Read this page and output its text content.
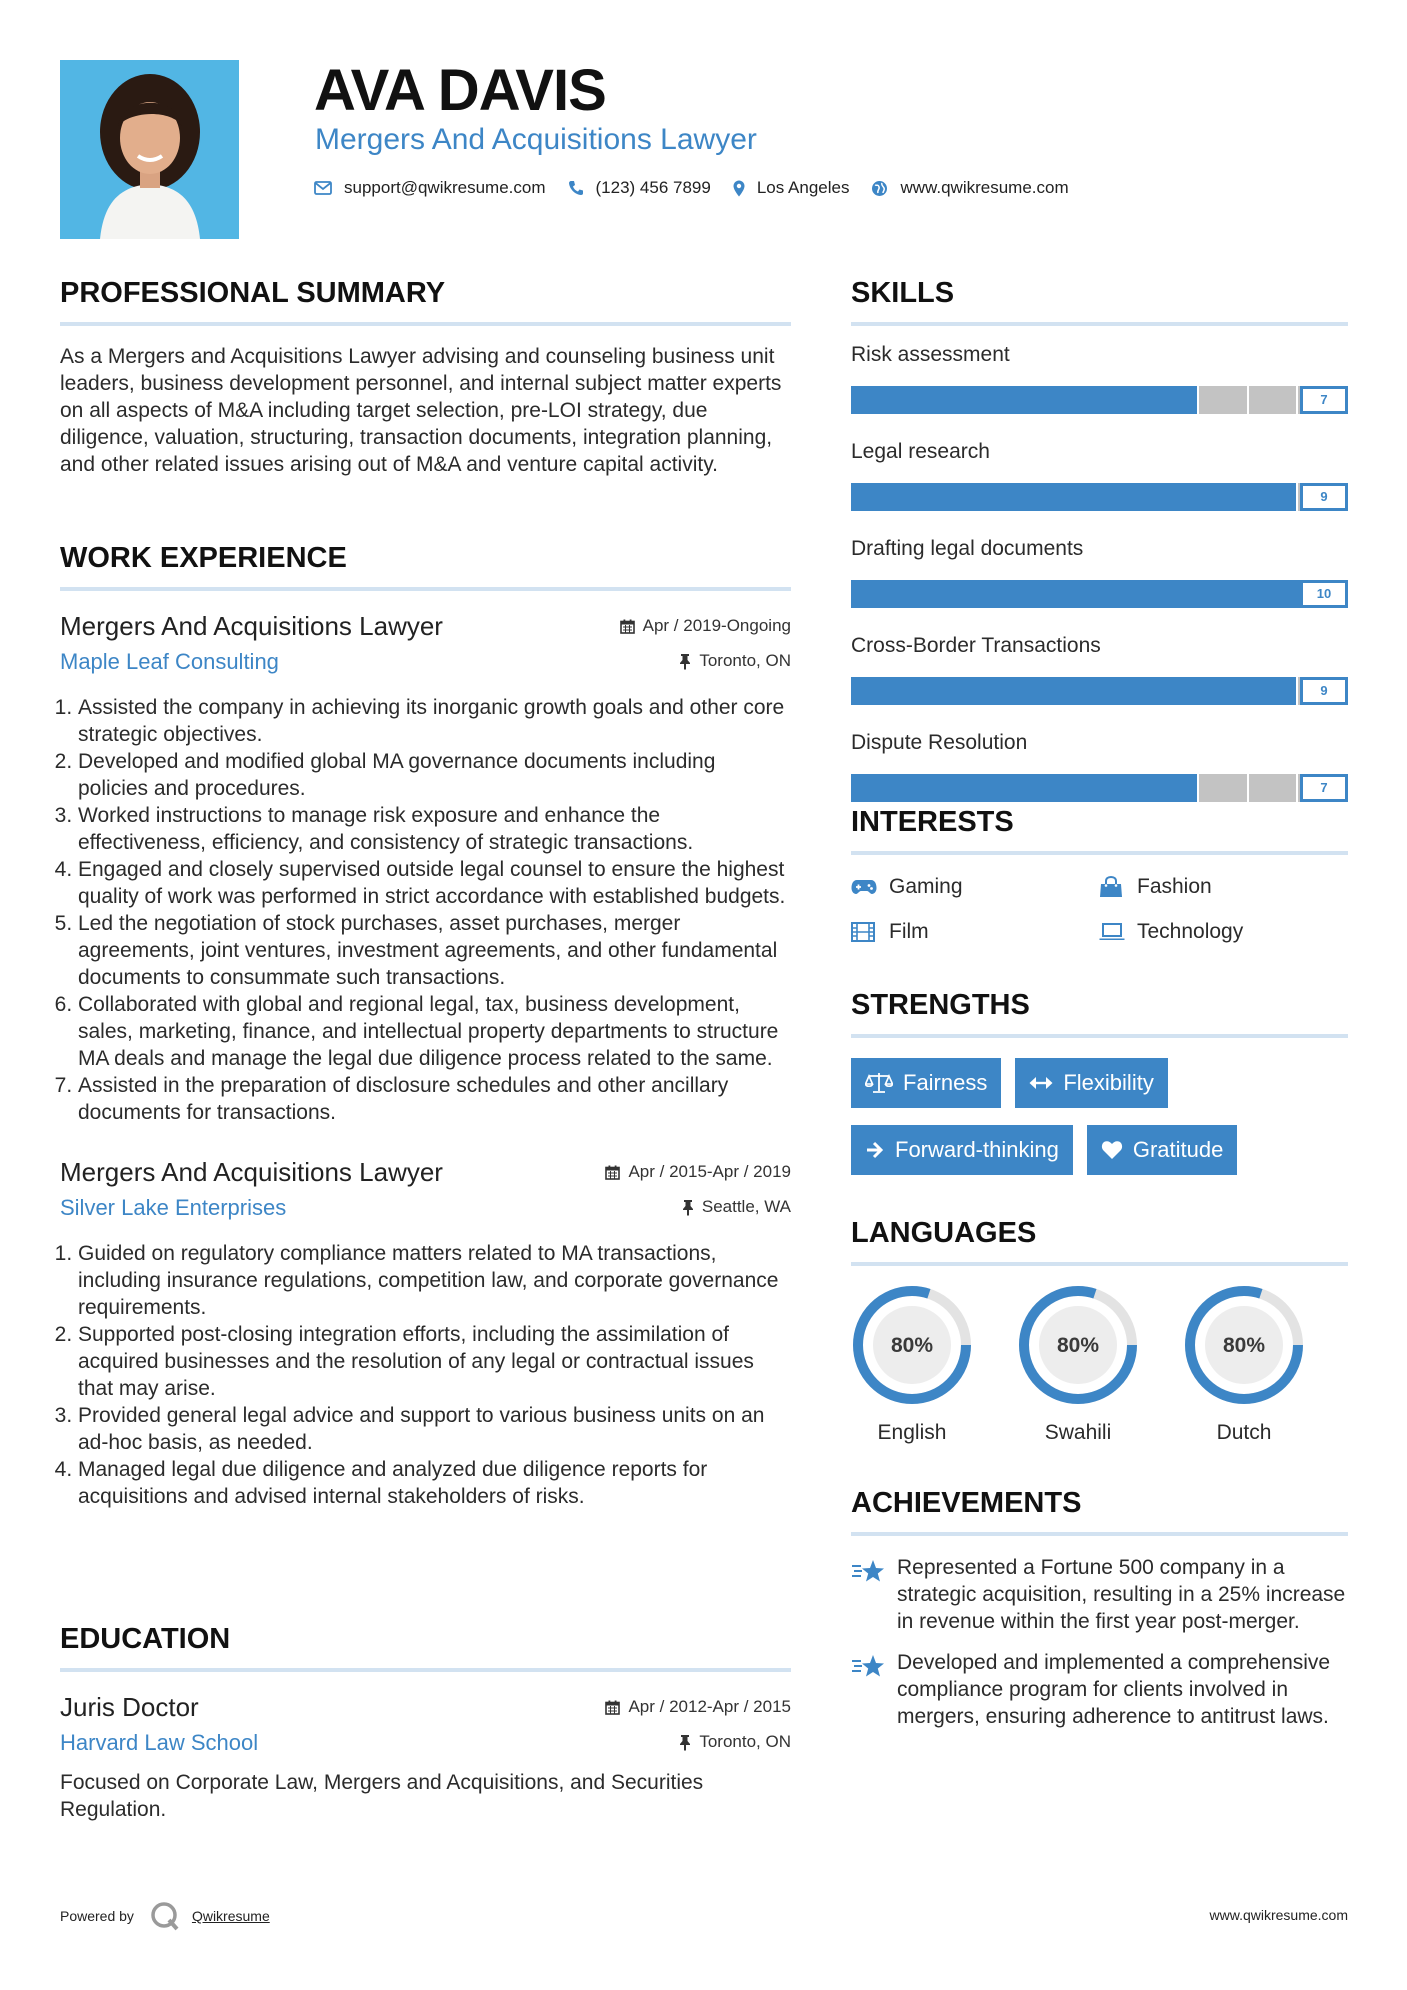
AVA DAVIS
Mergers And Acquisitions Lawyer
support@qwikresume.com	(123) 456 7899	Los Angeles	www.qwikresume.com
PROFESSIONAL SUMMARY
As a Mergers and Acquisitions Lawyer advising and counseling business unit leaders, business development personnel, and internal subject matter experts on all aspects of M&A including target selection, pre-LOI strategy, due diligence, valuation, structuring, transaction documents, integration planning, and other related issues arising out of M&A and venture capital activity.
WORK EXPERIENCE
Mergers And Acquisitions Lawyer	Apr / 2019-Ongoing
Maple Leaf Consulting	Toronto, ON
1. Assisted the company in achieving its inorganic growth goals and other core strategic objectives.
2. Developed and modified global MA governance documents including policies and procedures.
3. Worked instructions to manage risk exposure and enhance the effectiveness, efficiency, and consistency of strategic transactions.
4. Engaged and closely supervised outside legal counsel to ensure the highest quality of work was performed in strict accordance with established budgets.
5. Led the negotiation of stock purchases, asset purchases, merger agreements, joint ventures, investment agreements, and other fundamental documents to consummate such transactions.
6. Collaborated with global and regional legal, tax, business development, sales, marketing, finance, and intellectual property departments to structure MA deals and manage the legal due diligence process related to the same.
7. Assisted in the preparation of disclosure schedules and other ancillary documents for transactions.
Mergers And Acquisitions Lawyer	Apr / 2015-Apr / 2019
Silver Lake Enterprises	Seattle, WA
1. Guided on regulatory compliance matters related to MA transactions, including insurance regulations, competition law, and corporate governance requirements.
2. Supported post-closing integration efforts, including the assimilation of acquired businesses and the resolution of any legal or contractual issues that may arise.
3. Provided general legal advice and support to various business units on an ad-hoc basis, as needed.
4. Managed legal due diligence and analyzed due diligence reports for acquisitions and advised internal stakeholders of risks.
EDUCATION
Juris Doctor	Apr / 2012-Apr / 2015
Harvard Law School	Toronto, ON
Focused on Corporate Law, Mergers and Acquisitions, and Securities Regulation.
SKILLS
Risk assessment
7
Legal research
9
Drafting legal documents
10
Cross-Border Transactions
9
Dispute Resolution
7
INTERESTS
Gaming	Fashion
Film	Technology
STRENGTHS
Fairness	Flexibility
Forward-thinking	Gratitude
LANGUAGES
80%
English
80%
Swahili
80%
Dutch
ACHIEVEMENTS
Represented a Fortune 500 company in a strategic acquisition, resulting in a 25% increase in revenue within the first year post-merger.
Developed and implemented a comprehensive compliance program for clients involved in mergers, ensuring adherence to antitrust laws.
Powered by	Qwikresume	www.qwikresume.com
